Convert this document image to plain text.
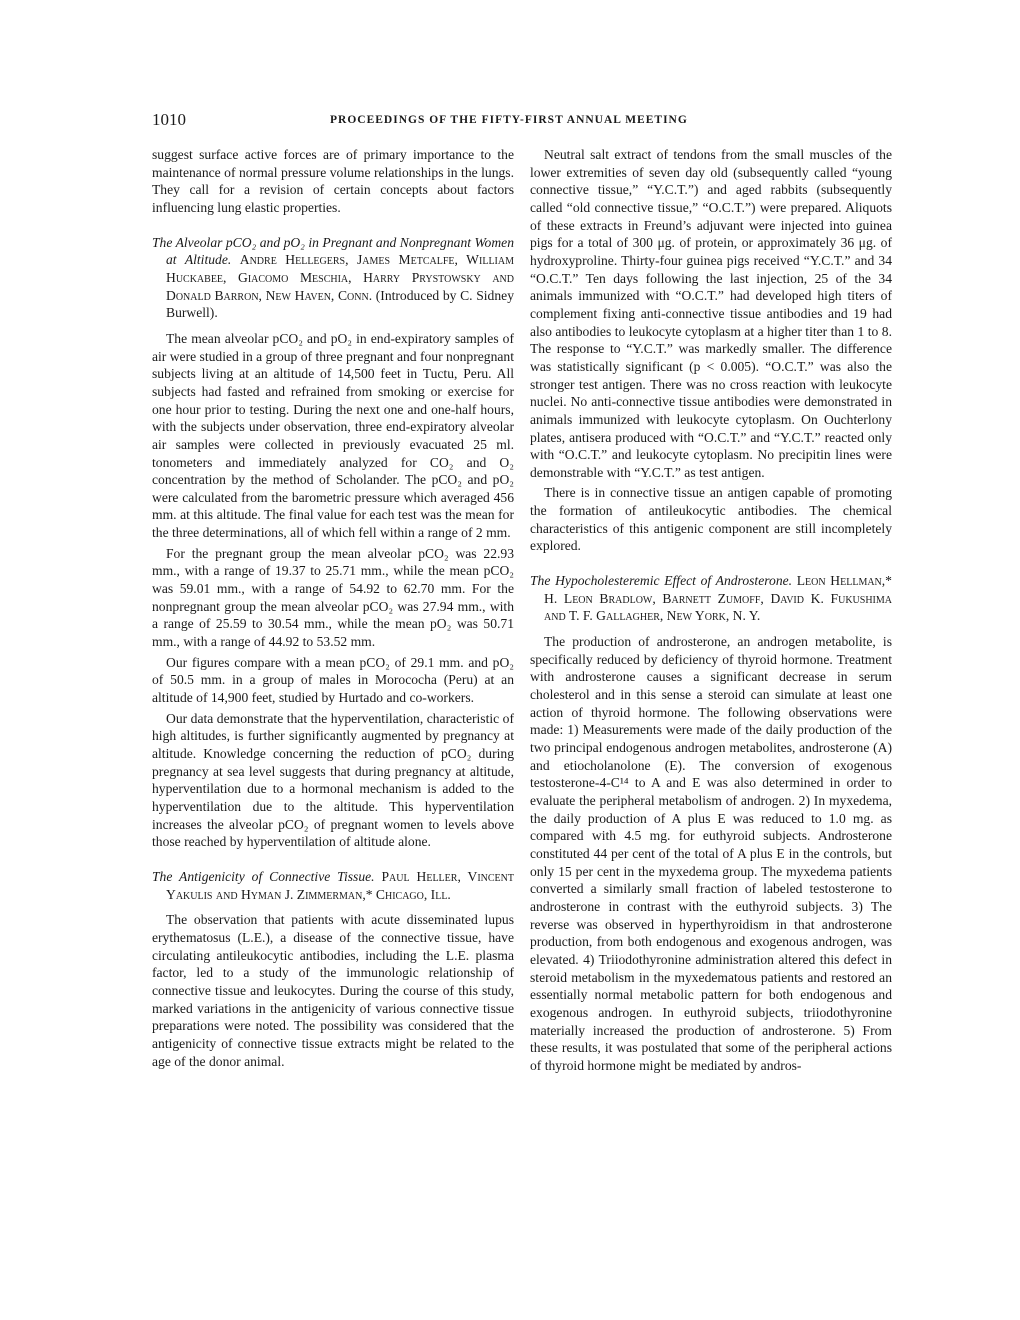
1010	PROCEEDINGS OF THE FIFTY-FIRST ANNUAL MEETING

suggest surface active forces are of primary importance to the maintenance of normal pressure volume relationships in the lungs. They call for a revision of certain concepts about factors influencing lung elastic properties.

The Alveolar pCO₂ and pO₂ in Pregnant and Nonpregnant Women at Altitude. Andre Hellegers, James Metcalfe, William Huckabee, Giacomo Meschia, Harry Prystowsky and Donald Barron, New Haven, Conn. (Introduced by C. Sidney Burwell).

The mean alveolar pCO₂ and pO₂ in end-expiratory samples of air were studied in a group of three pregnant and four nonpregnant subjects living at an altitude of 14,500 feet in Tuctu, Peru. All subjects had fasted and refrained from smoking or exercise for one hour prior to testing. During the next one and one-half hours, with the subjects under observation, three end-expiratory alveolar air samples were collected in previously evacuated 25 ml. tonometers and immediately analyzed for CO₂ and O₂ concentration by the method of Scholander. The pCO₂ and pO₂ were calculated from the barometric pressure which averaged 456 mm. at this altitude. The final value for each test was the mean for the three determinations, all of which fell within a range of 2 mm.

For the pregnant group the mean alveolar pCO₂ was 22.93 mm., with a range of 19.37 to 25.71 mm., while the mean pCO₂ was 59.01 mm., with a range of 54.92 to 62.70 mm. For the nonpregnant group the mean alveolar pCO₂ was 27.94 mm., with a range of 25.59 to 30.54 mm., while the mean pO₂ was 50.71 mm., with a range of 44.92 to 53.52 mm.

Our figures compare with a mean pCO₂ of 29.1 mm. and pO₂ of 50.5 mm. in a group of males in Morococha (Peru) at an altitude of 14,900 feet, studied by Hurtado and co-workers.

Our data demonstrate that the hyperventilation, characteristic of high altitudes, is further significantly augmented by pregnancy at altitude. Knowledge concerning the reduction of pCO₂ during pregnancy at sea level suggests that during pregnancy at altitude, hyperventilation due to a hormonal mechanism is added to the hyperventilation due to the altitude. This hyperventilation increases the alveolar pCO₂ of pregnant women to levels above those reached by hyperventilation of altitude alone.

The Antigenicity of Connective Tissue. Paul Heller, Vincent Yakulis and Hyman J. Zimmerman,* Chicago, Ill.

The observation that patients with acute disseminated lupus erythematosus (L.E.), a disease of the connective tissue, have circulating antileukocytic antibodies, including the L.E. plasma factor, led to a study of the immunologic relationship of connective tissue and leukocytes. During the course of this study, marked variations in the antigenicity of various connective tissue preparations were noted. The possibility was considered that the antigenicity of connective tissue extracts might be related to the age of the donor animal.

Neutral salt extract of tendons from the small muscles of the lower extremities of seven day old (subsequently called “young connective tissue,” “Y.C.T.”) and aged rabbits (subsequently called “old connective tissue,” “O.C.T.”) were prepared. Aliquots of these extracts in Freund’s adjuvant were injected into guinea pigs for a total of 300 μg. of protein, or approximately 36 μg. of hydroxyproline. Thirty-four guinea pigs received “Y.C.T.” and 34 “O.C.T.” Ten days following the last injection, 25 of the 34 animals immunized with “O.C.T.” had developed high titers of complement fixing anti-connective tissue antibodies and 19 had also antibodies to leukocyte cytoplasm at a higher titer than 1 to 8. The response to “Y.C.T.” was markedly smaller. The difference was statistically significant (p < 0.005). “O.C.T.” was also the stronger test antigen. There was no cross reaction with leukocyte nuclei. No anti-connective tissue antibodies were demonstrated in animals immunized with leukocyte cytoplasm. On Ouchterlony plates, antisera produced with “O.C.T.” and “Y.C.T.” reacted only with “O.C.T.” and leukocyte cytoplasm. No precipitin lines were demonstrable with “Y.C.T.” as test antigen.

There is in connective tissue an antigen capable of promoting the formation of antileukocytic antibodies. The chemical characteristics of this antigenic component are still incompletely explored.

The Hypocholesteremic Effect of Androsterone. Leon Hellman,* H. Leon Bradlow, Barnett Zumoff, David K. Fukushima and T. F. Gallagher, New York, N. Y.

The production of androsterone, an androgen metabolite, is specifically reduced by deficiency of thyroid hormone. Treatment with androsterone causes a significant decrease in serum cholesterol and in this sense a steroid can simulate at least one action of thyroid hormone. The following observations were made: 1) Measurements were made of the daily production of the two principal endogenous androgen metabolites, androsterone (A) and etiocholanolone (E). The conversion of exogenous testosterone-4-C¹⁴ to A and E was also determined in order to evaluate the peripheral metabolism of androgen. 2) In myxedema, the daily production of A plus E was reduced to 1.0 mg. as compared with 4.5 mg. for euthyroid subjects. Androsterone constituted 44 per cent of the total of A plus E in the controls, but only 15 per cent in the myxedema group. The myxedema patients converted a similarly small fraction of labeled testosterone to androsterone in contrast with the euthyroid subjects. 3) The reverse was observed in hyperthyroidism in that androsterone production, from both endogenous and exogenous androgen, was elevated. 4) Triiodothyronine administration altered this defect in steroid metabolism in the myxedematous patients and restored an essentially normal metabolic pattern for both endogenous and exogenous androgen. In euthyroid subjects, triiodothyronine materially increased the production of androsterone. 5) From these results, it was postulated that some of the peripheral actions of thyroid hormone might be mediated by andros-
